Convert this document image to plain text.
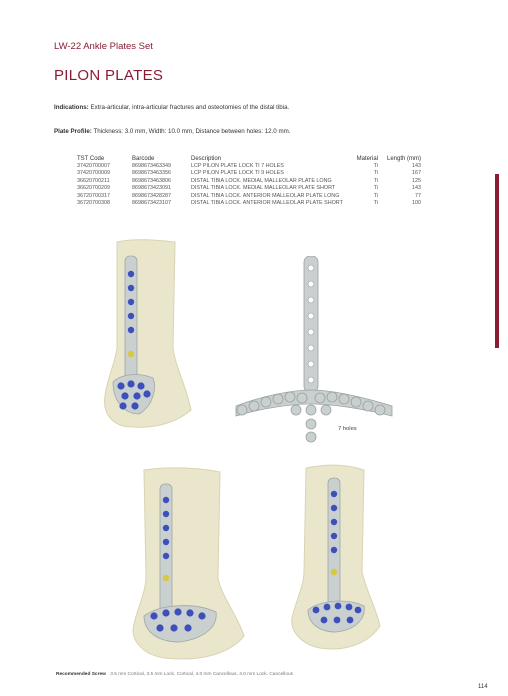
LW-22 Ankle Plates Set
PILON PLATES
Indications: Extra-articular, intra-articular fractures and osteotomies of the distal tibia.
Plate Profile: Thickness: 3.0 mm, Width: 10.0 mm, Distance between holes: 12.0 mm.
TST Code	Barcode	Description	Material	Length (mm)
37420700007	8698673463349	LCP PILON PLATE LOCK TI 7 HOLES	Ti	143
37420700009	8698673463356	LCP PILON PLATE LOCK TI 9 HOLES	Ti	167
36620700211	8698673463806	DISTAL TIBIA LOCK. MEDIAL MALLEOLAR PLATE LONG	Ti	125
36620700209	8698673423091	DISTAL TIBIA LOCK. MEDIAL MALLEOLAR PLATE SHORT	Ti	143
36720700317	8698673428287	DISTAL TIBIA LOCK. ANTERIOR MALLEOLAR PLATE LONG	Ti	77
36720700308	8698673423107	DISTAL TIBIA LOCK. ANTERIOR MALLEOLAR PLATE SHORT	Ti	100
7 holes
Recommended Screw 3.5 mm Cortical, 3.5 mm Lock. Cortical, 4.0 mm Cancellous, 4.0 mm Lock. Cancellous
114
